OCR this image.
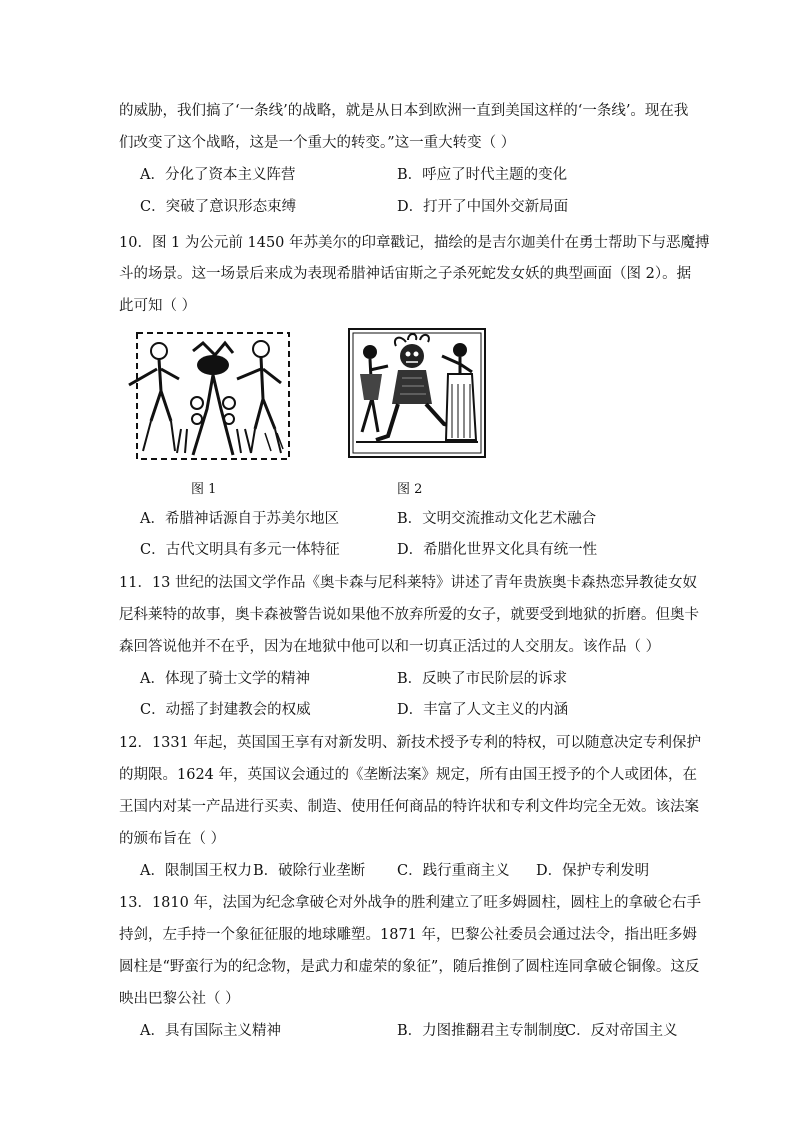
的威胁，我们搞了‘一条线’的战略，就是从日本到欧洲一直到美国这样的‘一条线’。现在我
们改变了这个战略，这是一个重大的转变。”这一重大转变（ ）
A．分化了资本主义阵营	B．呼应了时代主题的变化
C．突破了意识形态束缚	D．打开了中国外交新局面
10．图 1 为公元前 1450 年苏美尔的印章戳记，描绘的是吉尔迦美什在勇士帮助下与恶魔搏
斗的场景。这一场景后来成为表现希腊神话宙斯之子杀死蛇发女妖的典型画面（图 2）。据
此可知（ ）
图 1	图 2
A．希腊神话源自于苏美尔地区	B．文明交流推动文化艺术融合
C．古代文明具有多元一体特征	D．希腊化世界文化具有统一性
11．13 世纪的法国文学作品《奥卡森与尼科莱特》讲述了青年贵族奥卡森热恋异教徒女奴
尼科莱特的故事，奥卡森被警告说如果他不放弃所爱的女子，就要受到地狱的折磨。但奥卡
森回答说他并不在乎，因为在地狱中他可以和一切真正活过的人交朋友。该作品（ ）
A．体现了骑士文学的精神	B．反映了市民阶层的诉求
C．动摇了封建教会的权威	D．丰富了人文主义的内涵
12．1331 年起，英国国王享有对新发明、新技术授予专利的特权，可以随意决定专利保护
的期限。1624 年，英国议会通过的《垄断法案》规定，所有由国王授予的个人或团体，在
王国内对某一产品进行买卖、制造、使用任何商品的特许状和专利文件均完全无效。该法案
的颁布旨在（ ）
A．限制国王权力 B．破除行业垄断 C．践行重商主义 D．保护专利发明
13．1810 年，法国为纪念拿破仑对外战争的胜利建立了旺多姆圆柱，圆柱上的拿破仑右手
持剑，左手持一个象征征服的地球雕塑。1871 年，巴黎公社委员会通过法令，指出旺多姆
圆柱是“野蛮行为的纪念物，是武力和虚荣的象征”，随后推倒了圆柱连同拿破仑铜像。这反
映出巴黎公社（ ）
A．具有国际主义精神	B．力图推翻君主专制制度
C．反对帝国主义
